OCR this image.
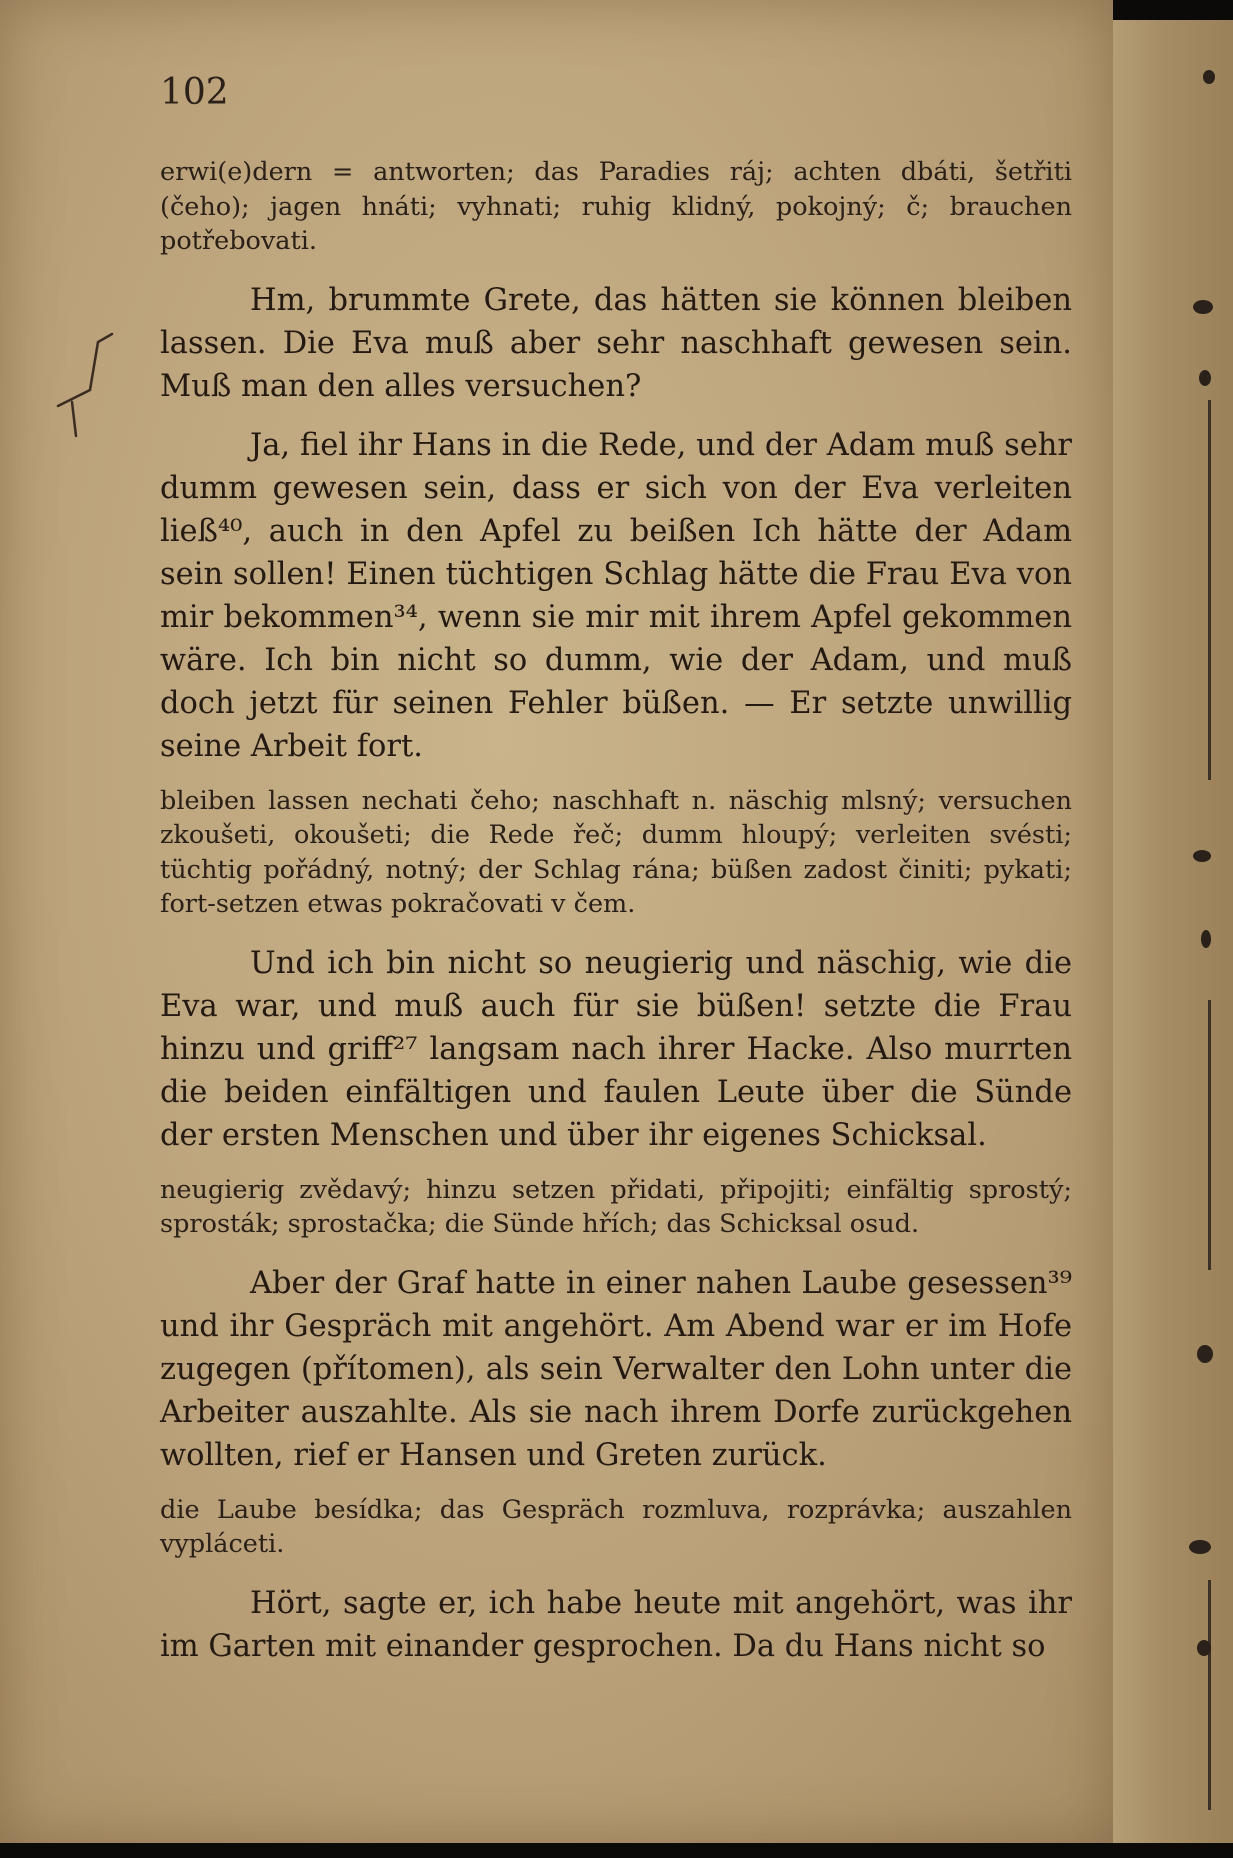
102

erwi(e)dern = antworten; das Paradies ráj; achten dbáti, šetřiti (čeho); jagen hnáti; vyhnati; ruhig klidný, pokojný; č; brauchen potřebovati.

Hm, brummte Grete, das hätten sie können bleiben lassen. Die Eva muß aber sehr naschhaft gewesen sein. Muß man den alles versuchen?

Ja, fiel ihr Hans in die Rede, und der Adam muß sehr dumm gewesen sein, dass er sich von der Eva verleiten ließ⁴⁰, auch in den Apfel zu beißen Ich hätte der Adam sein sollen! Einen tüchtigen Schlag hätte die Frau Eva von mir bekommen³⁴, wenn sie mir mit ihrem Apfel gekommen wäre. Ich bin nicht so dumm, wie der Adam, und muß doch jetzt für seinen Fehler büßen. — Er setzte unwillig seine Arbeit fort.

bleiben lassen nechati čeho; naschhaft n. näschig mlsný; versuchen zkoušeti, okoušeti; die Rede řeč; dumm hloupý; verleiten svésti; tüchtig pořádný, notný; der Schlag rána; büßen zadost činiti; pykati; fort-setzen etwas pokračovati v čem.

Und ich bin nicht so neugierig und näschig, wie die Eva war, und muß auch für sie büßen! setzte die Frau hinzu und griff²⁷ langsam nach ihrer Hacke. Also murrten die beiden einfältigen und faulen Leute über die Sünde der ersten Menschen und über ihr eigenes Schicksal.

neugierig zvědavý; hinzu setzen přidati, připojiti; einfältig sprostý; sprosták; sprostačka; die Sünde hřích; das Schicksal osud.

Aber der Graf hatte in einer nahen Laube gesessen³⁹ und ihr Gespräch mit angehört. Am Abend war er im Hofe zugegen (přítomen), als sein Verwalter den Lohn unter die Arbeiter auszahlte. Als sie nach ihrem Dorfe zurückgehen wollten, rief er Hansen und Greten zurück.

die Laube besídka; das Gespräch rozmluva, rozprávka; auszahlen vypláceti.

Hört, sagte er, ich habe heute mit angehört, was ihr im Garten mit einander gesprochen. Da du Hans nicht so
